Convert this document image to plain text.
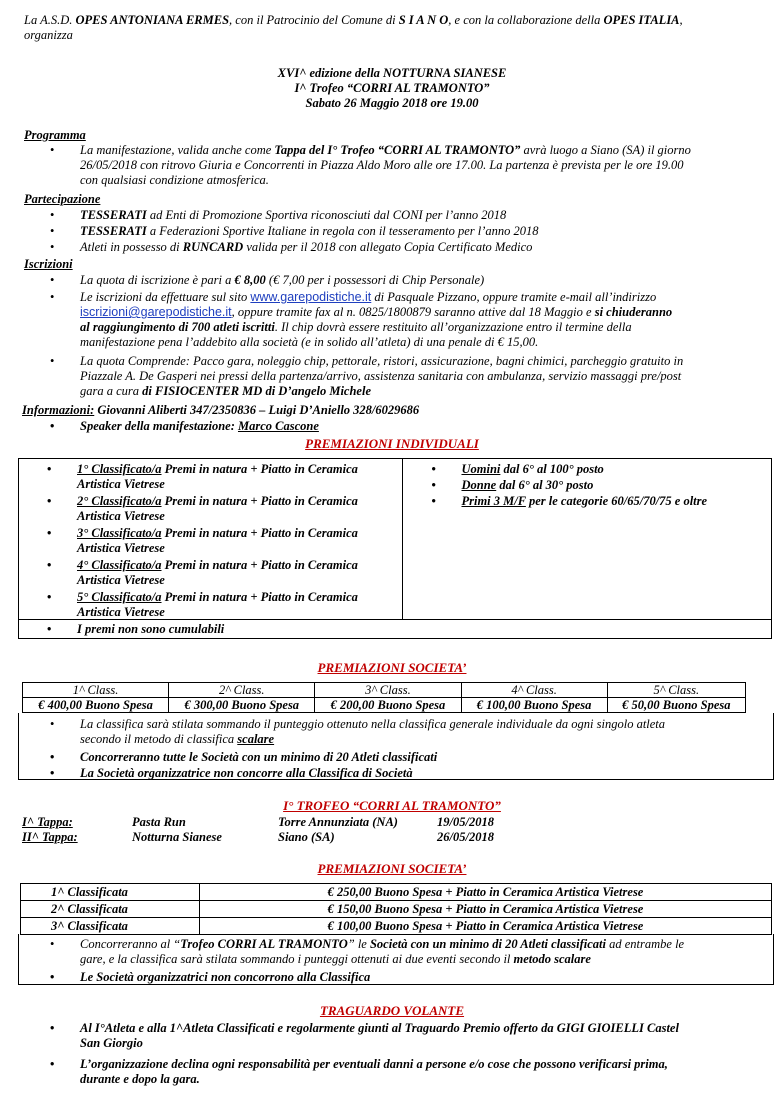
La A.S.D. OPES ANTONIANA ERMES, con il Patrocinio del Comune di S I A N O, e con la collaborazione della OPES ITALIA,
organizza
XVI^ edizione della NOTTURNA SIANESE
I^ Trofeo “CORRI AL TRAMONTO”
Sabato 26 Maggio 2018 ore 19.00
Programma
• La manifestazione, valida anche come Tappa del I° Trofeo “CORRI AL TRAMONTO” avrà luogo a Siano (SA) il giorno
26/05/2018 con ritrovo Giuria e Concorrenti in Piazza Aldo Moro alle ore 17.00. La partenza è prevista per le ore 19.00
con qualsiasi condizione atmosferica.
Partecipazione
• TESSERATI ad Enti di Promozione Sportiva riconosciuti dal CONI per l’anno 2018
• TESSERATI a Federazioni Sportive Italiane in regola con il tesseramento per l’anno 2018
• Atleti in possesso di RUNCARD valida per il 2018 con allegato Copia Certificato Medico
Iscrizioni
• La quota di iscrizione è pari a € 8,00 (€ 7,00 per i possessori di Chip Personale)
• Le iscrizioni da effettuare sul sito www.garepodistiche.it di Pasquale Pizzano, oppure tramite e-mail all’indirizzo
iscrizioni@garepodistiche.it, oppure tramite fax al n. 0825/1800879 saranno attive dal 18 Maggio e si chiuderanno
al raggiungimento di 700 atleti iscritti. Il chip dovrà essere restituito all’organizzazione entro il termine della
manifestazione pena l’addebito alla società (e in solido all’atleta) di una penale di € 15,00.
• La quota Comprende: Pacco gara, noleggio chip, pettorale, ristori, assicurazione, bagni chimici, parcheggio gratuito in
Piazzale A. De Gasperi nei pressi della partenza/arrivo, assistenza sanitaria con ambulanza, servizio massaggi pre/post
gara a cura di FISIOCENTER MD di D’angelo Michele
Informazioni: Giovanni Aliberti 347/2350836 – Luigi D’Aniello 328/6029686
• Speaker della manifestazione: Marco Cascone
PREMIAZIONI INDIVIDUALI
• 1° Classificato/a Premi in natura + Piatto in Ceramica
Artistica Vietrese
• 2° Classificato/a Premi in natura + Piatto in Ceramica
Artistica Vietrese
• 3° Classificato/a Premi in natura + Piatto in Ceramica
Artistica Vietrese
• 4° Classificato/a Premi in natura + Piatto in Ceramica
Artistica Vietrese
• 5° Classificato/a Premi in natura + Piatto in Ceramica
Artistica Vietrese

• Uomini dal 6° al 100° posto
• Donne dal 6° al 30° posto
• Primi 3 M/F per le categorie 60/65/70/75 e oltre

• I premi non sono cumulabili
PREMIAZIONI SOCIETA’
1^ Class.	2^ Class.	3^ Class.	4^ Class.	5^ Class.
€ 400,00 Buono Spesa	€ 300,00 Buono Spesa	€ 200,00 Buono Spesa	€ 100,00 Buono Spesa	€ 50,00 Buono Spesa
• La classifica sarà stilata sommando il punteggio ottenuto nella classifica generale individuale da ogni singolo atleta
secondo il metodo di classifica scalare
• Concorreranno tutte le Società con un minimo di 20 Atleti classificati
• La Società organizzatrice non concorre alla Classifica di Società
I° TROFEO “CORRI AL TRAMONTO”
I^ Tappa:	Pasta Run	Torre Annunziata (NA)	19/05/2018
II^ Tappa:	Notturna Sianese	Siano (SA)	26/05/2018
PREMIAZIONI SOCIETA’
1^ Classificata	€ 250,00 Buono Spesa + Piatto in Ceramica Artistica Vietrese
2^ Classificata	€ 150,00 Buono Spesa + Piatto in Ceramica Artistica Vietrese
3^ Classificata	€ 100,00 Buono Spesa + Piatto in Ceramica Artistica Vietrese
• Concorreranno al “Trofeo CORRI AL TRAMONTO” le Società con un minimo di 20 Atleti classificati ad entrambe le
gare, e la classifica sarà stilata sommando i punteggi ottenuti ai due eventi secondo il metodo scalare
• Le Società organizzatrici non concorrono alla Classifica
TRAGUARDO VOLANTE
• Al I°Atleta e alla 1^Atleta Classificati e regolarmente giunti al Traguardo Premio offerto da GIGI GIOIELLI Castel
San Giorgio
• L’organizzazione declina ogni responsabilità per eventuali danni a persone e/o cose che possono verificarsi prima,
durante e dopo la gara.
